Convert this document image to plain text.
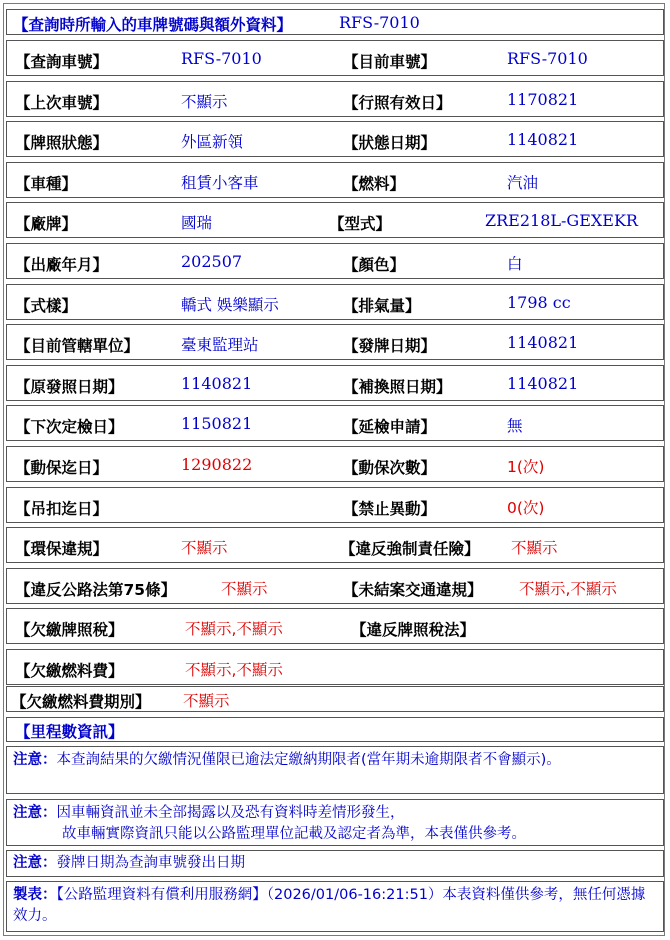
【查詢時所輸入的車牌號碼與額外資料】	RFS-7010
【查詢車號】	RFS-7010	【目前車號】	RFS-7010
【上次車號】	不顯示	【行照有效日】	1170821
【牌照狀態】	外區新領	【狀態日期】	1140821
【車種】	租賃小客車	【燃料】	汽油
【廠牌】	國瑞	【型式】	ZRE218L-GEXEKR
【出廠年月】	202507	【顏色】	白
【式樣】	轎式 娛樂顯示	【排氣量】	1798 cc
【目前管轄單位】	臺東監理站	【發牌日期】	1140821
【原發照日期】	1140821	【補換照日期】	1140821
【下次定檢日】	1150821	【延檢申請】	無
【動保迄日】	1290822	【動保次數】	1(次)
【吊扣迄日】	【禁止異動】	0(次)
【環保違規】	不顯示	【違反強制責任險】 不顯示
【違反公路法第75條】	不顯示	【未結案交通違規】 不顯示,不顯示
【欠繳牌照稅】	不顯示,不顯示	【違反牌照稅法】
【欠繳燃料費】	不顯示,不顯示
【欠繳燃料費期別】 不顯示
【里程數資訊】
注意：本查詢結果的欠繳情況僅限已逾法定繳納期限者(當年期未逾期限者不會顯示)。
注意：因車輛資訊並未全部揭露以及恐有資料時差情形發生，
故車輛實際資訊只能以公路監理單位記載及認定者為準，本表僅供參考。
注意：發牌日期為查詢車號發出日期
製表：【公路監理資料有償利用服務網】（2026/01/06-16:21:51）本表資料僅供參考，無任何憑據效力。
